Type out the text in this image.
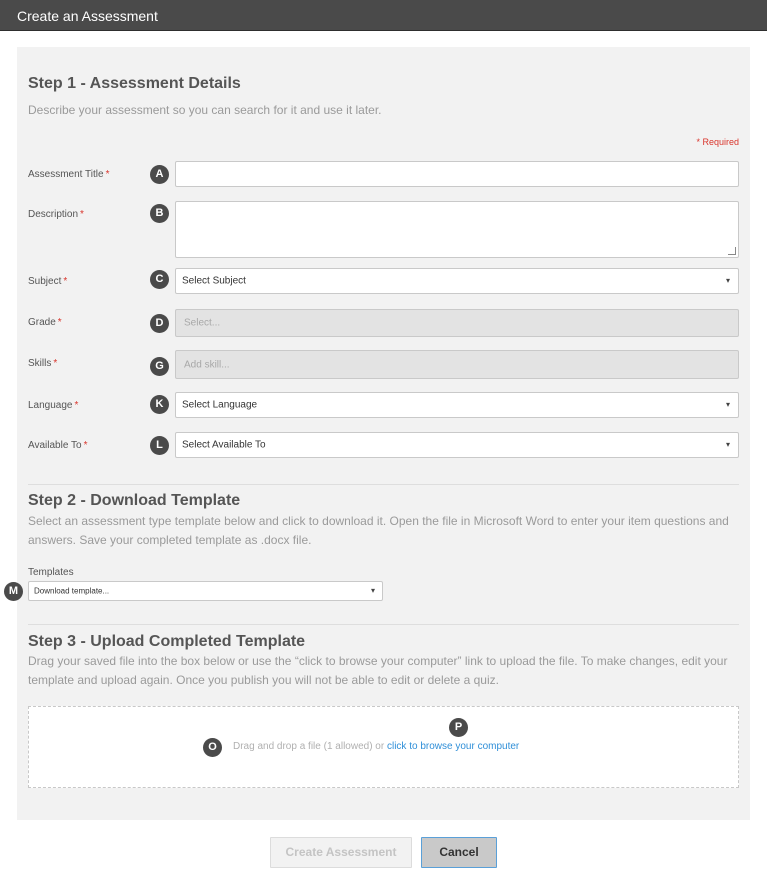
Create an Assessment
Step 1 - Assessment Details
Describe your assessment so you can search for it and use it later.
* Required
Assessment Title *	A
Description *	B
Subject *	C	Select Subject	▾
Grade *	D	Select...
Skills *	G	Add skill...
Language *	K	Select Language	▾
Available To *	L	Select Available To	▾
Step 2 - Download Template
Select an assessment type template below and click to download it. Open the file in Microsoft Word to enter your item questions and answers. Save your completed template as .docx file.
Templates
Download template...	▾
Step 3 - Upload Completed Template
Drag your saved file into the box below or use the “click to browse your computer” link to upload the file. To make changes, edit your template and upload again. Once you publish you will not be able to edit or delete a quiz.
O
P
Drag and drop a file (1 allowed) or click to browse your computer
M
Create Assessment	Cancel
